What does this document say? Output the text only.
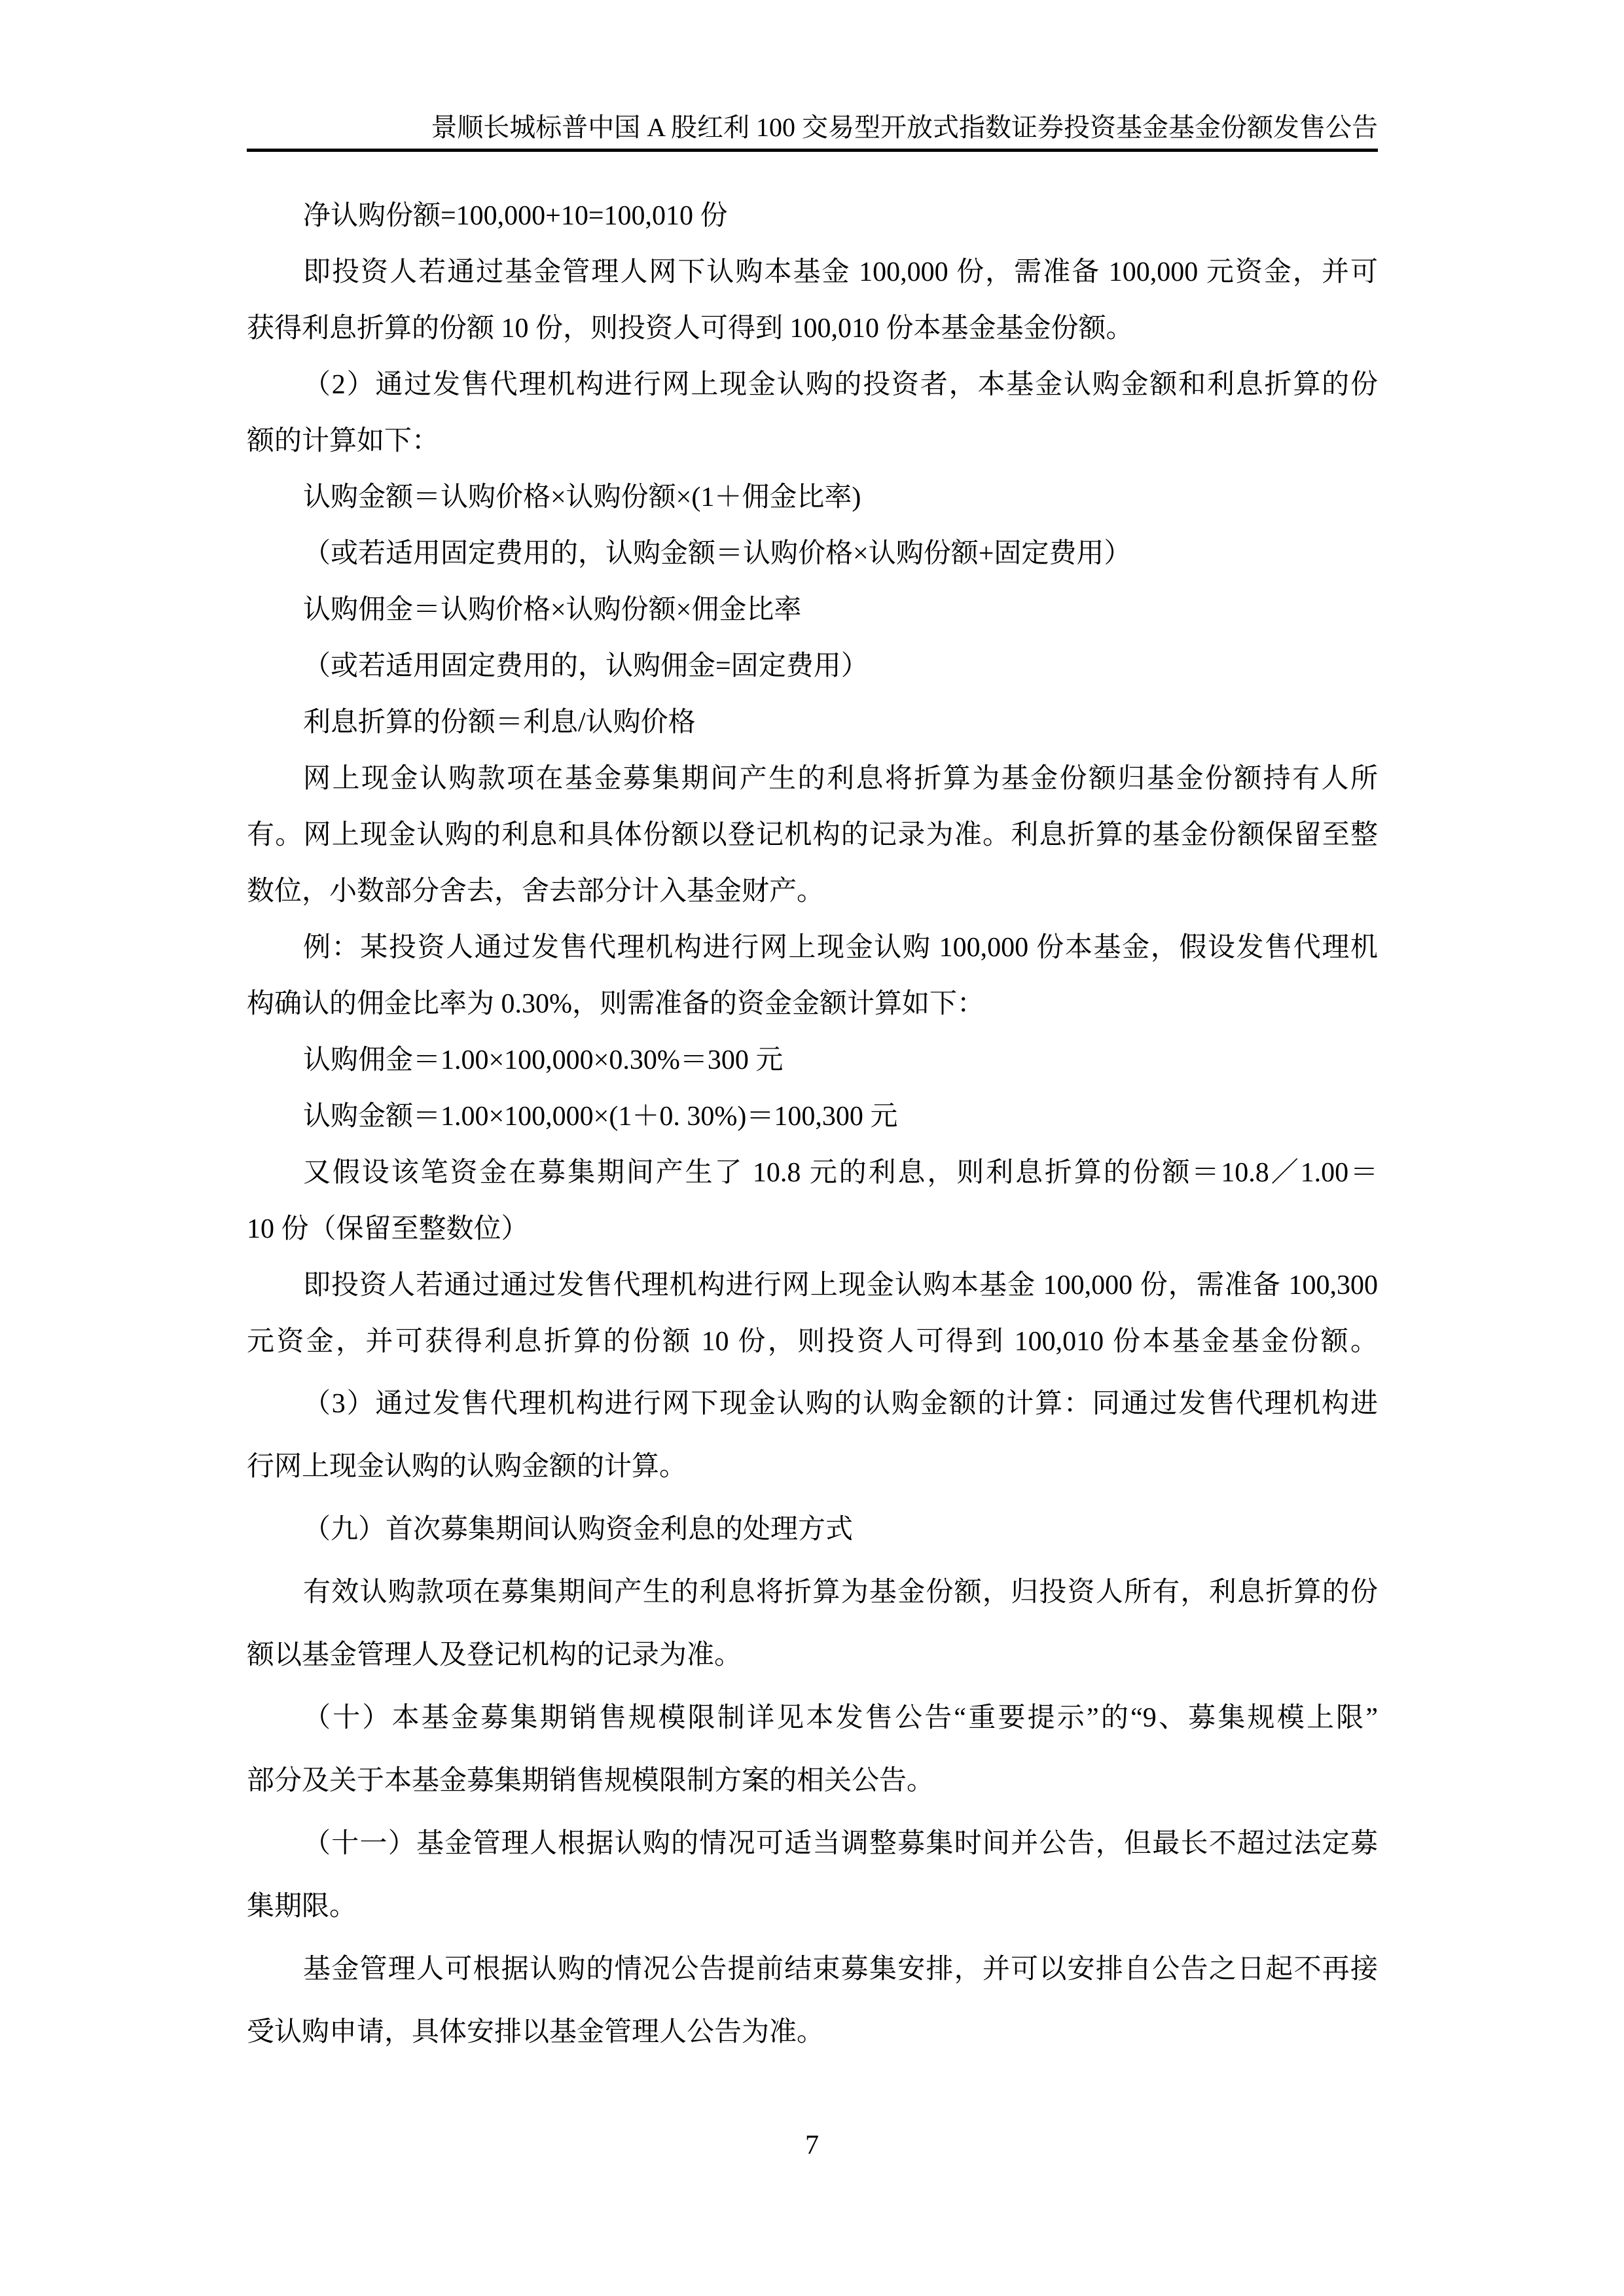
景顺长城标普中国 A 股红利 100 交易型开放式指数证券投资基金基金份额发售公告
净认购份额=100,000+10=100,010 份
即投资人若通过基金管理人网下认购本基金 100,000 份，需准备 100,000 元资金，并可
获得利息折算的份额 10 份，则投资人可得到 100,010 份本基金基金份额。
（2）通过发售代理机构进行网上现金认购的投资者，本基金认购金额和利息折算的份
额的计算如下：
认购金额＝认购价格×认购份额×(1＋佣金比率)
（或若适用固定费用的，认购金额＝认购价格×认购份额+固定费用）
认购佣金＝认购价格×认购份额×佣金比率
（或若适用固定费用的，认购佣金=固定费用）
利息折算的份额＝利息/认购价格
网上现金认购款项在基金募集期间产生的利息将折算为基金份额归基金份额持有人所
有。网上现金认购的利息和具体份额以登记机构的记录为准。利息折算的基金份额保留至整
数位，小数部分舍去，舍去部分计入基金财产。
例：某投资人通过发售代理机构进行网上现金认购 100,000 份本基金，假设发售代理机
构确认的佣金比率为 0.30%，则需准备的资金金额计算如下：
认购佣金＝1.00×100,000×0.30%＝300 元
认购金额＝1.00×100,000×(1＋0. 30%)＝100,300 元
又假设该笔资金在募集期间产生了 10.8 元的利息，则利息折算的份额＝10.8／1.00＝
10 份（保留至整数位）
即投资人若通过通过发售代理机构进行网上现金认购本基金 100,000 份，需准备 100,300
元资金，并可获得利息折算的份额 10 份，则投资人可得到 100,010 份本基金基金份额。
（3）通过发售代理机构进行网下现金认购的认购金额的计算：同通过发售代理机构进
行网上现金认购的认购金额的计算。
（九）首次募集期间认购资金利息的处理方式
有效认购款项在募集期间产生的利息将折算为基金份额，归投资人所有，利息折算的份
额以基金管理人及登记机构的记录为准。
（十）本基金募集期销售规模限制详见本发售公告“重要提示”的“9、募集规模上限”
部分及关于本基金募集期销售规模限制方案的相关公告。
（十一）基金管理人根据认购的情况可适当调整募集时间并公告，但最长不超过法定募
集期限。
基金管理人可根据认购的情况公告提前结束募集安排，并可以安排自公告之日起不再接
受认购申请，具体安排以基金管理人公告为准。
7
